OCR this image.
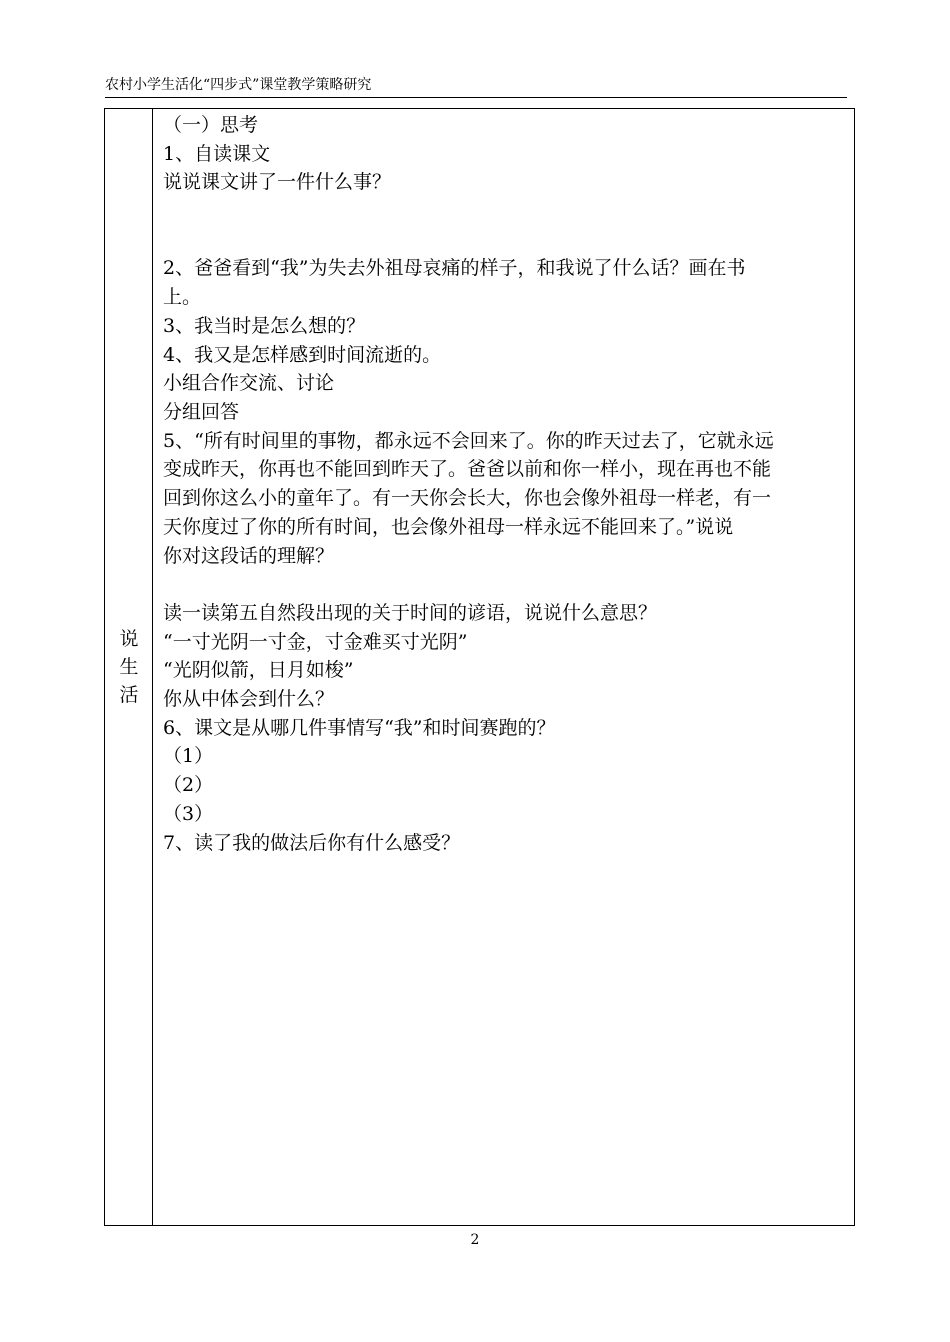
农村小学生活化“四步式”课堂教学策略研究
说
生
活
（一）思考
1、自读课文
说说课文讲了一件什么事？
2、爸爸看到“我”为失去外祖母哀痛的样子，和我说了什么话？画在书
上。
3、我当时是怎么想的？
4、我又是怎样感到时间流逝的。
小组合作交流、讨论
分组回答
5、“所有时间里的事物，都永远不会回来了。你的昨天过去了，它就永远
变成昨天，你再也不能回到昨天了。爸爸以前和你一样小，现在再也不能
回到你这么小的童年了。有一天你会长大，你也会像外祖母一样老，有一
天你度过了你的所有时间，也会像外祖母一样永远不能回来了。”说说
你对这段话的理解？
读一读第五自然段出现的关于时间的谚语，说说什么意思？
“一寸光阴一寸金，寸金难买寸光阴”
“光阴似箭，日月如梭”
你从中体会到什么？
6、课文是从哪几件事情写“我”和时间赛跑的？
（1）
（2）
（3）
7、读了我的做法后你有什么感受？
2
